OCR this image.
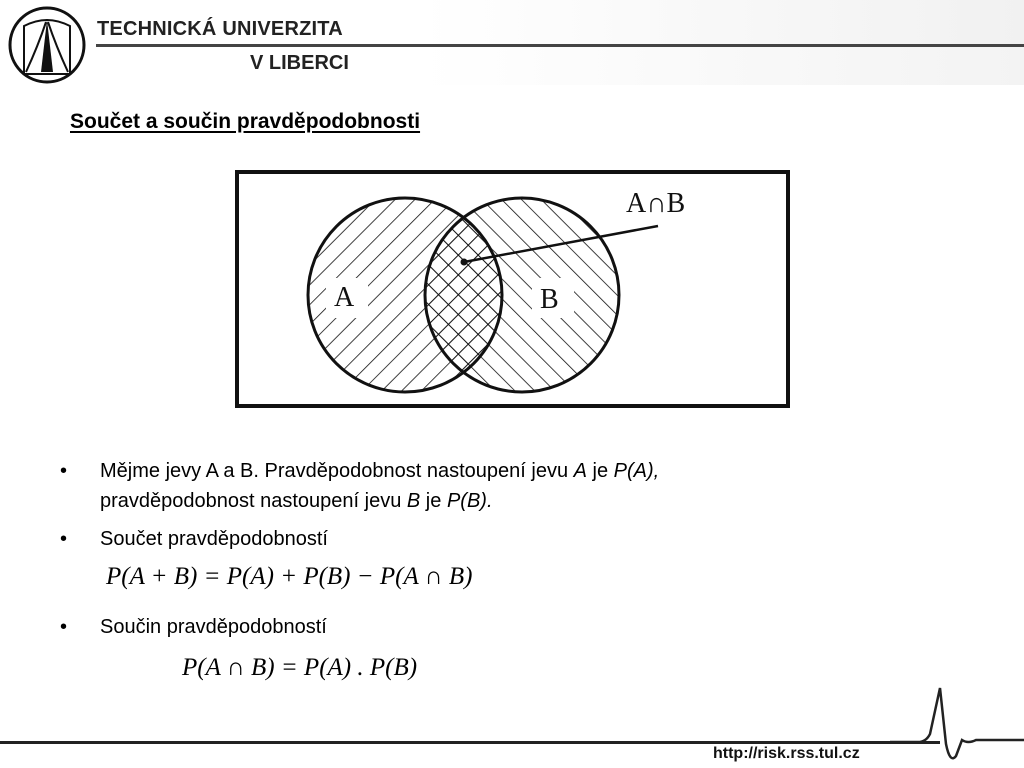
TECHNICKÁ UNIVERZITA
V LIBERCI
Součet a součin pravděpodobnosti
A	B
A∩B
• Mějme jevy A a B. Pravděpodobnost nastoupení jevu A je P(A),
pravděpodobnost nastoupení jevu B je P(B).
• Součet pravděpodobností
• Součin pravděpodobností
P(A + B) = P(A) + P(B) − P(A ∩ B)
P(A ∩ B) = P(A) . P(B)
http://risk.rss.tul.cz
